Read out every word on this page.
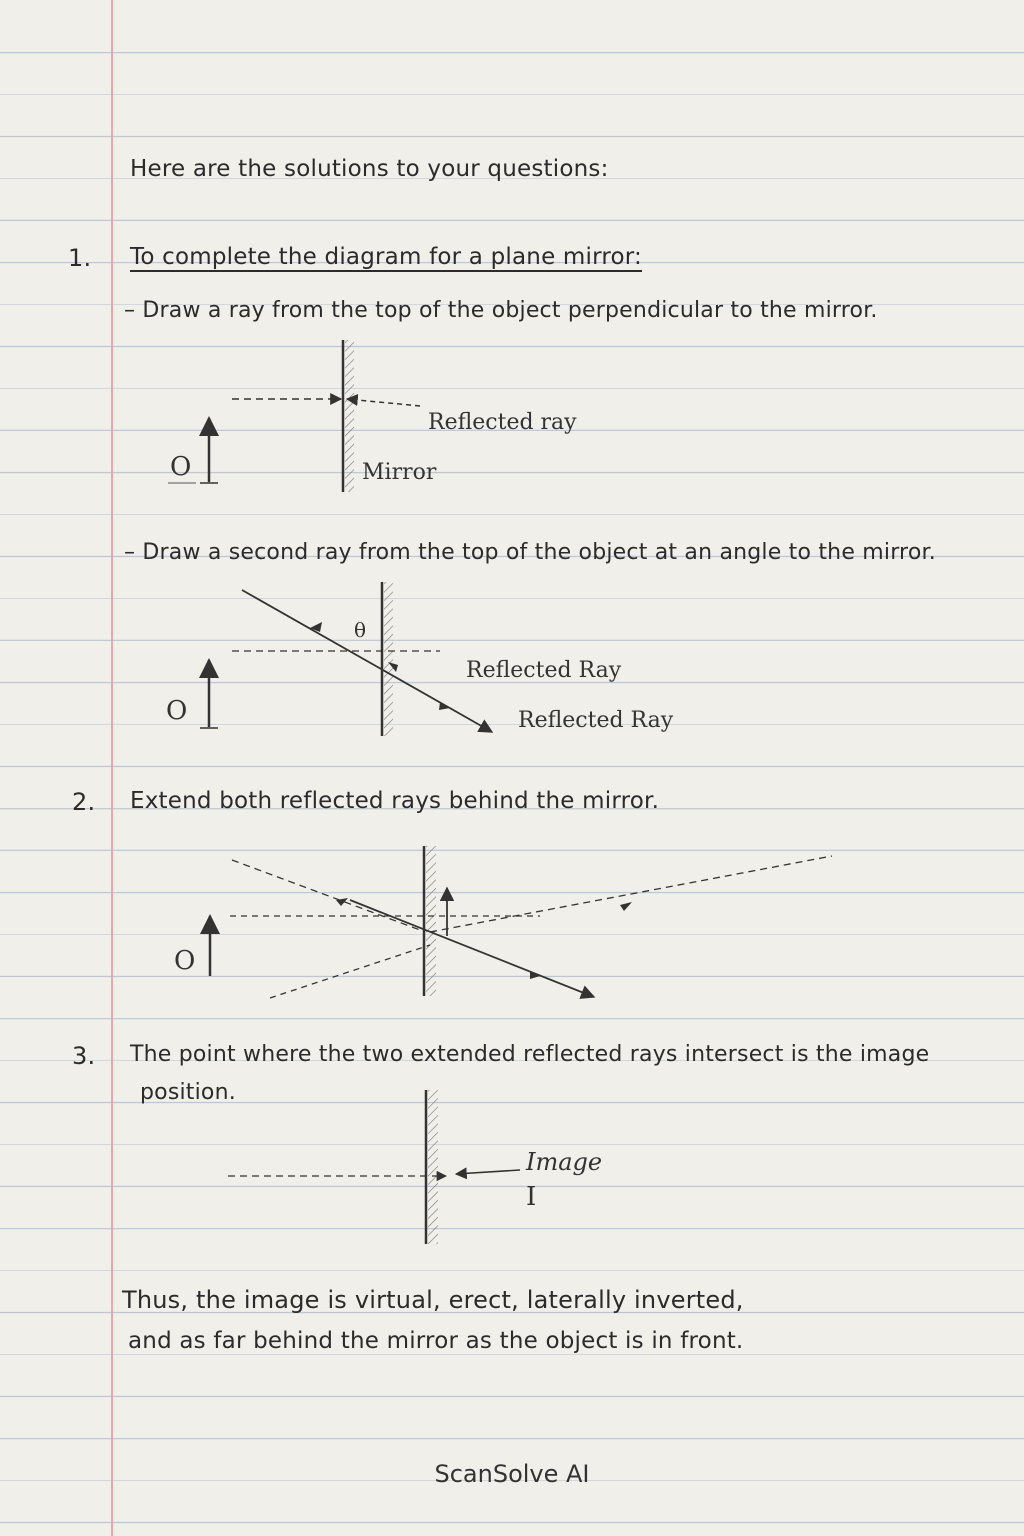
Here are the solutions to your questions:
1. To complete the diagram for a plane mirror:
– Draw a ray from the top of the object perpendicular to the mirror.
O
Reflected ray
Mirror
– Draw a second ray from the top of the object at an angle to the mirror.
θ
O
Reflected Ray
Reflected Ray
2. Extend both reflected rays behind the mirror.
O
3. The point where the two extended reflected rays intersect is the image
position.
Image
I
Thus, the image is virtual, erect, laterally inverted,
and as far behind the mirror as the object is in front.
ScanSolve AI
